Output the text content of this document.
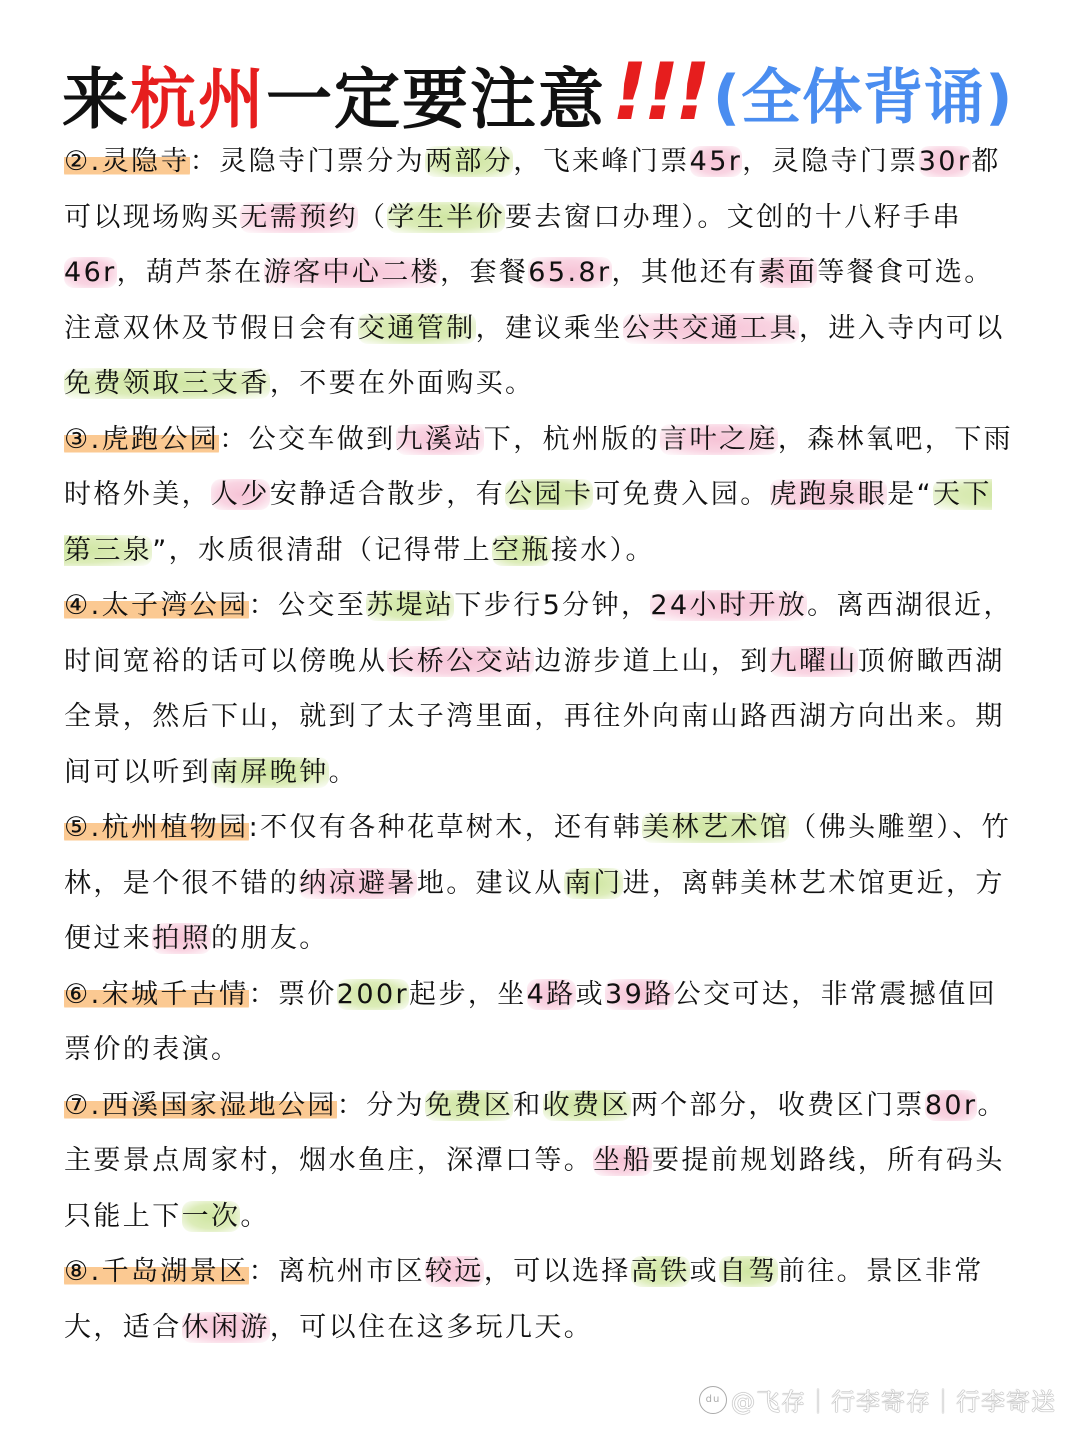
来 杭州 一定要注意 !!! (全体背诵)

②.灵隐寺：灵隐寺门票分为两部分，飞来峰门票45r，灵隐寺门票30r都可以现场购买无需预约（学生半价要去窗口办理）。文创的十八籽手串46r，葫芦茶在游客中心二楼，套餐65.8r，其他还有素面等餐食可选。注意双休及节假日会有交通管制，建议乘坐公共交通工具，进入寺内可以免费领取三支香，不要在外面购买。

③.虎跑公园：公交车做到九溪站下，杭州版的言叶之庭，森林氧吧，下雨时格外美，人少安静适合散步，有公园卡可免费入园。虎跑泉眼是“天下第三泉”，水质很清甜（记得带上空瓶接水）。

④.太子湾公园：公交至苏堤站下步行5分钟，24小时开放。离西湖很近，时间宽裕的话可以傍晚从长桥公交站边游步道上山，到九曜山顶俯瞰西湖全景，然后下山，就到了太子湾里面，再往外向南山路西湖方向出来。期间可以听到南屏晚钟。

⑤.杭州植物园:不仅有各种花草树木，还有韩美林艺术馆（佛头雕塑）、竹林，是个很不错的纳凉避暑地。建议从南门进，离韩美林艺术馆更近，方便过来拍照的朋友。

⑥.宋城千古情：票价200r起步，坐4路或39路公交可达，非常震撼值回票价的表演。

⑦.西溪国家湿地公园：分为免费区和收费区两个部分，收费区门票80r。主要景点周家村，烟水鱼庄，深潭口等。坐船要提前规划路线，所有码头只能上下一次。

⑧.千岛湖景区：离杭州市区较远，可以选择高铁或自驾前往。景区非常大，适合休闲游，可以住在这多玩几天。

du @飞存｜行李寄存｜行李寄送
